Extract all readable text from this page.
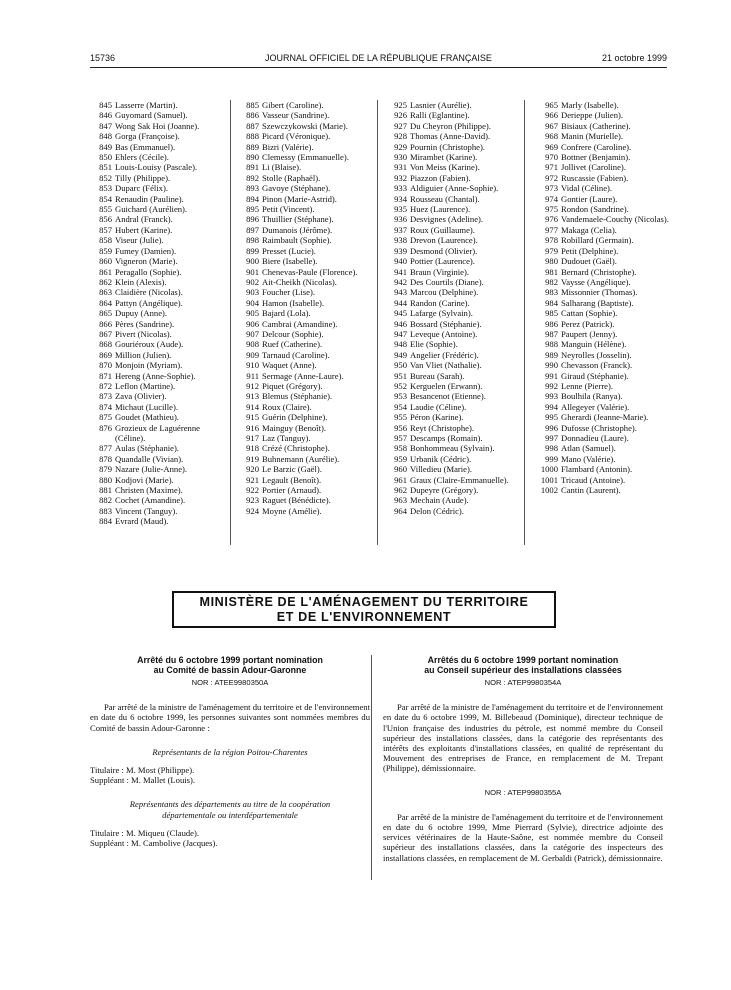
15736	JOURNAL OFFICIEL DE LA RÉPUBLIQUE FRANÇAISE	21 octobre 1999
845 Lasserre (Martin).
846 Guyomard (Samuel).
847 Wong Sak Hoi (Joanne).
848 Gorga (Françoise).
849 Bas (Emmanuel).
850 Ehlers (Cécile).
851 Louis-Louisy (Pascale).
852 Tilly (Philippe).
853 Duparc (Félix).
854 Renaudin (Pauline).
855 Guichard (Aurélien).
856 Andral (Franck).
857 Hubert (Karine).
858 Viseur (Julie).
859 Fumey (Damien).
860 Vigneron (Marie).
861 Peragallo (Sophie).
862 Klein (Alexis).
863 Claidière (Nicolas).
864 Pattyn (Angélique).
865 Dupuy (Anne).
866 Pères (Sandrine).
867 Pivert (Nicolas).
868 Gouriéroux (Aude).
869 Million (Julien).
870 Monjoin (Myriam).
871 Hereng (Anne-Sophie).
872 Leflon (Martine).
873 Zava (Olivier).
874 Michaut (Lucille).
875 Goudet (Mathieu).
876 Grozieux de Laguérenne (Céline).
877 Aulas (Stéphanie).
878 Quandalle (Vivian).
879 Nazare (Julie-Anne).
880 Kodjovi (Marie).
881 Christen (Maxime).
882 Cochet (Amandine).
883 Vincent (Tanguy).
884 Evrard (Maud).
885 Gibert (Caroline).
886 Vasseur (Sandrine).
887 Szewczykowski (Marie).
888 Picard (Véronique).
889 Bizri (Valérie).
890 Clemessy (Emmanuelle).
891 Li (Blaise).
892 Stolle (Raphaël).
893 Gavoye (Stéphane).
894 Pinon (Marie-Astrid).
895 Petit (Vincent).
896 Thuillier (Stéphane).
897 Dumanois (Jérôme).
898 Raimbault (Sophie).
899 Presset (Lucie).
900 Biere (Isabelle).
901 Chenevas-Paule (Florence).
902 Ait-Cheikh (Nicolas).
903 Foucher (Lise).
904 Hamon (Isabelle).
905 Bajard (Lola).
906 Cambrai (Amandine).
907 Delcour (Sophie).
908 Ruef (Catherine).
909 Tarnaud (Caroline).
910 Waquet (Anne).
911 Sermage (Anne-Laure).
912 Piquet (Grégory).
913 Blemus (Stéphanie).
914 Roux (Claire).
915 Guérin (Delphine).
916 Mainguy (Benoît).
917 Laz (Tanguy).
918 Crézé (Christophe).
919 Buhnemann (Aurélie).
920 Le Barzic (Gaël).
921 Legault (Benoît).
922 Portier (Arnaud).
923 Raguet (Bénédicte).
924 Moyne (Amélie).
925 Lasnier (Aurélie).
926 Ralli (Eglantine).
927 Du Cheyron (Philippe).
928 Thomas (Anne-David).
929 Pournin (Christophe).
930 Mirambet (Karine).
931 Von Meiss (Karine).
932 Piazzon (Fabien).
933 Aldiguier (Anne-Sophie).
934 Rousseau (Chantal).
935 Huez (Laurence).
936 Desvignes (Adeline).
937 Roux (Guillaume).
938 Drevon (Laurence).
939 Desmond (Olivier).
940 Pottier (Laurence).
941 Braun (Virginie).
942 Des Courtils (Diane).
943 Marcou (Delphine).
944 Randon (Carine).
945 Lafarge (Sylvain).
946 Bossard (Stéphanie).
947 Leveque (Antoine).
948 Elie (Sophie).
949 Angelier (Frédéric).
950 Van Vliet (Nathalie).
951 Bureau (Sarah).
952 Kerguelen (Erwann).
953 Besancenot (Etienne).
954 Laudie (Céline).
955 Péron (Karine).
956 Reyt (Christophe).
957 Descamps (Romain).
958 Bonhommeau (Sylvain).
959 Urbanik (Cédric).
960 Villedieu (Marie).
961 Graux (Claire-Emmanuelle).
962 Dupeyre (Grégory).
963 Mechain (Aude).
964 Delon (Cédric).
965 Marly (Isabelle).
966 Derieppe (Julien).
967 Bisiaux (Catherine).
968 Manin (Murielle).
969 Confrere (Caroline).
970 Bottner (Benjamin).
971 Jollivet (Caroline).
972 Ruscassie (Fabien).
973 Vidal (Céline).
974 Gontier (Laure).
975 Rondon (Sandrine).
976 Vandemaele-Couchy (Nicolas).
977 Makaga (Celia).
978 Robillard (Germain).
979 Petit (Delphine).
980 Dudouet (Gaël).
981 Bernard (Christophe).
982 Vaysse (Angélique).
983 Missonnier (Thomas).
984 Salharang (Baptiste).
985 Cattan (Sophie).
986 Perez (Patrick).
987 Paupert (Jenny).
988 Manguin (Hélène).
989 Neyrolles (Josselin).
990 Chevasson (Franck).
991 Giraud (Stéphanie).
992 Lenne (Pierre).
993 Boulhila (Ranya).
994 Allegeyer (Valérie).
995 Gherardi (Jeanne-Marie).
996 Dufosse (Christophe).
997 Donnadieu (Laure).
998 Atlan (Samuel).
999 Mano (Valérie).
1000 Flambard (Antonin).
1001 Tricaud (Antoine).
1002 Cantin (Laurent).
MINISTÈRE DE L'AMÉNAGEMENT DU TERRITOIRE
ET DE L'ENVIRONNEMENT
Arrêté du 6 octobre 1999 portant nomination
au Comité de bassin Adour-Garonne
NOR : ATEE9980350A
Par arrêté de la ministre de l'aménagement du territoire et de l'environnement en date du 6 octobre 1999, les personnes suivantes sont nommées membres du Comité de bassin Adour-Garonne :
Représentants de la région Poitou-Charentes
Titulaire : M. Most (Philippe).
Suppléant : M. Mallet (Louis).
Représentants des départements au titre de la coopération départementale ou interdépartementale
Titulaire : M. Miqueu (Claude).
Suppléant : M. Cambolive (Jacques).
Arrêtés du 6 octobre 1999 portant nomination
au Conseil supérieur des installations classées
NOR : ATEP9980354A
Par arrêté de la ministre de l'aménagement du territoire et de l'environnement en date du 6 octobre 1999, M. Billebeaud (Dominique), directeur technique de l'Union française des industries du pétrole, est nommé membre du Conseil supérieur des installations classées, dans la catégorie des représentants des intérêts des exploitants d'installations classées, en qualité de représentant du Mouvement des entreprises de France, en remplacement de M. Trepant (Philippe), démissionnaire.
NOR : ATEP9980355A
Par arrêté de la ministre de l'aménagement du territoire et de l'environnement en date du 6 octobre 1999, Mme Pierrard (Sylvie), directrice adjointe des services vétérinaires de la Haute-Saône, est nommée membre du Conseil supérieur des installations classées, dans la catégorie des inspecteurs des installations classées, en remplacement de M. Gerbaldi (Patrick), démissionnaire.
